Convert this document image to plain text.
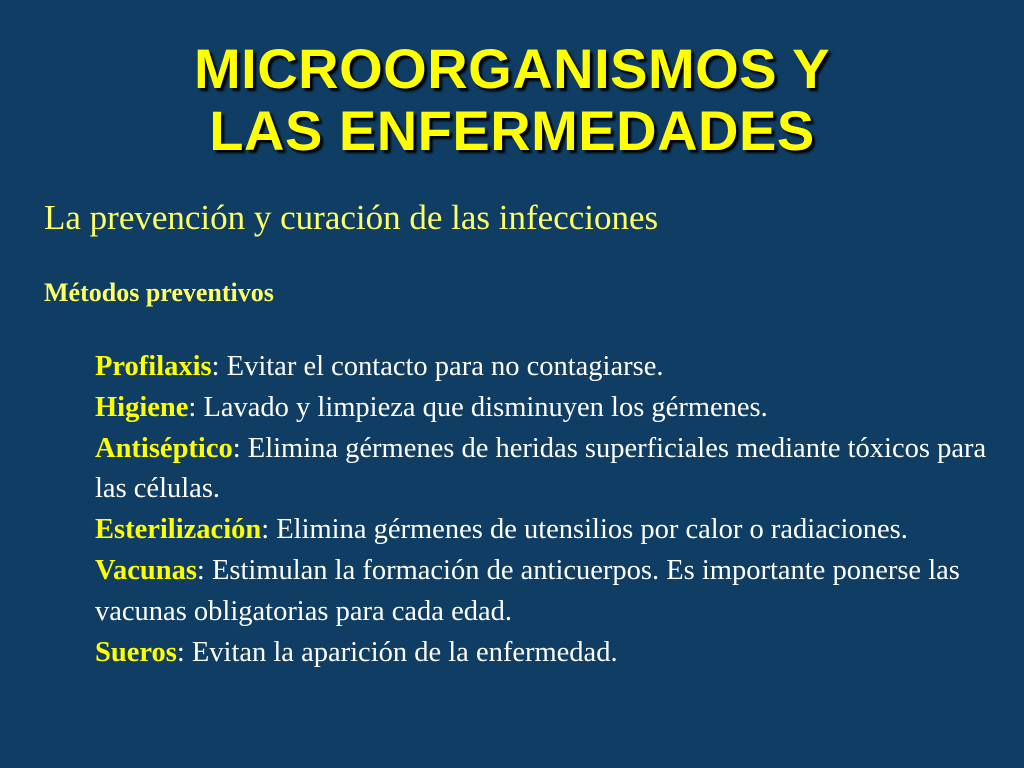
MICROORGANISMOS Y
LAS ENFERMEDADES
La prevención y curación de las infecciones
Métodos preventivos
Profilaxis: Evitar el contacto para no contagiarse.
Higiene: Lavado y limpieza que disminuyen los gérmenes.
Antiséptico: Elimina gérmenes de heridas superficiales mediante tóxicos para las células.
Esterilización: Elimina gérmenes de utensilios por calor o radiaciones.
Vacunas: Estimulan la formación de anticuerpos. Es importante ponerse las vacunas obligatorias para cada edad.
Sueros: Evitan la aparición de la enfermedad.
